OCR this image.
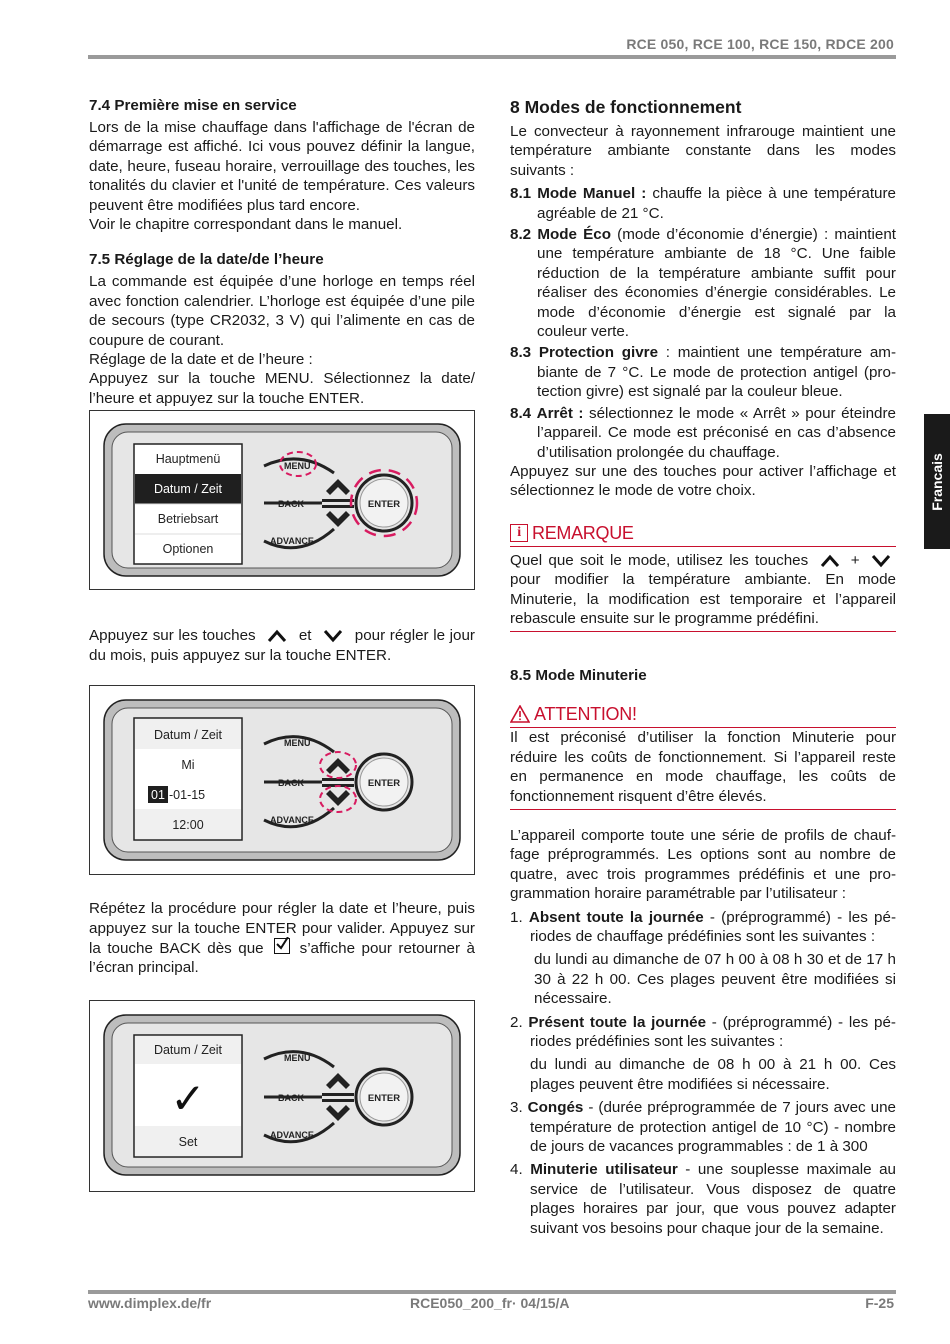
RCE 050, RCE 100, RCE 150, RDCE 200
Francais
7.4 Première mise en service

Lors de la mise chauffage dans l'affichage de l'écran de démarrage est affiché. Ici vous pouvez définir la langue, date, heure, fuseau horaire, verrouillage des touches, les tonalités du clavier et l'unité de température. Ces valeurs peuvent être modifiées plus tard encore.

Voir le chapitre correspondant dans le manuel.

7.5 Réglage de la date/de l’heure

La commande est équipée d’une horloge en temps réel avec fonction calendrier. L’horloge est équipée d’une pile de secours (type CR2032, 3 V) qui l’alimente en cas de coupure de courant.

Réglage de la date et de l’heure :

Appuyez sur la touche MENU. Sélectionnez la date/ l’heure et appuyez sur la touche ENTER.

Hauptmenü
Datum / Zeit
Betriebsart
Optionen
MENU
BACK
ADVANCE
ENTER

Appuyez sur les touches	et	pour régler le jour du mois, puis appuyez sur la touche ENTER.

Datum / Zeit
Mi
01 -01-15
12:00
MENU
BACK
ADVANCE
ENTER

Répétez la procédure pour régler la date et l’heure, puis appuyez sur la touche ENTER pour valider. Appuyez sur la touche BACK dès que s’affiche pour retourner à l’écran principal.

Datum / Zeit
✓
Set
MENU
BACK
ADVANCE
ENTER
8 Modes de fonctionnement

Le convecteur à rayonnement infrarouge maintient une température ambiante constante dans les modes suivants :

8.1 Mode Manuel : chauffe la pièce à une température agréable de 21 °C.

8.2 Mode Éco (mode d’économie d’énergie) : maintient une température ambiante de 18 °C. Une faible réduction de la température ambiante suffit pour réaliser des économies d’énergie considérables. Le mode d’économie d’énergie est signalé par la couleur verte.

8.3 Protection givre : maintient une température ambiante de 7 °C. Le mode de protection antigel (protection givre) est signalé par la couleur bleue.

8.4 Arrêt : sélectionnez le mode « Arrêt » pour éteindre l’appareil. Ce mode est préconisé en cas d’absence d’utilisation prolongée du chauffage.

Appuyez sur une des touches pour activer l’affichage et sélectionnez le mode de votre choix.

i REMARQUE

Quel que soit le mode, utilisez les touches	+  pour modifier la température ambiante. En mode Minuterie, la modification est temporaire et l’appareil rebascule ensuite sur le programme prédéfini.

8.5 Mode Minuterie
ATTENTION!

Il est préconisé d’utiliser la fonction Minuterie pour réduire les coûts de fonctionnement. Si l’appareil reste en permanence en mode chauffage, les coûts de fonctionnement risquent d’être élevés.

L’appareil comporte toute une série de profils de chauffage préprogrammés. Les options sont au nombre de quatre, avec trois programmes prédéfinis et une programmation horaire paramétrable par l’utilisateur :

1. Absent toute la journée - (préprogrammé) - les périodes de chauffage prédéfinies sont les suivantes :

du lundi au dimanche de 07 h 00 à 08 h 30 et de 17 h 30 à 22 h 00. Ces plages peuvent être modifiées si nécessaire.

2. Présent toute la journée - (préprogrammé) - les périodes prédéfinies sont les suivantes :

du lundi au dimanche de 08 h 00 à 21 h 00. Ces plages peuvent être modifiées si nécessaire.

3. Congés - (durée préprogrammée de 7 jours avec une température de protection antigel de 10 °C) - nombre de jours de vacances programmables : de 1 à 300

4. Minuterie utilisateur - une souplesse maximale au service de l’utilisateur. Vous disposez de quatre plages horaires par jour, que vous pouvez adapter suivant vos besoins pour chaque jour de la semaine.

www.dimplex.de/fr	RCE050_200_fr· 04/15/A	F-25
